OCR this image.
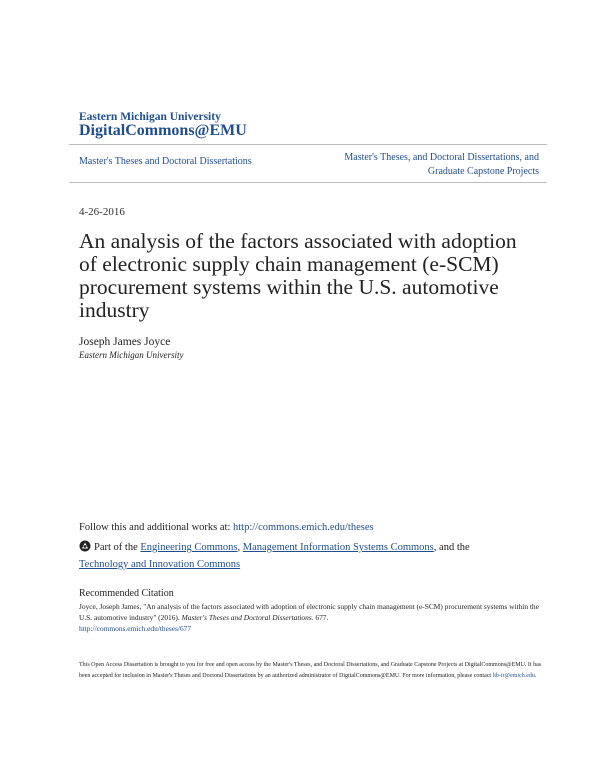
Eastern Michigan University
DigitalCommons@EMU
Master's Theses and Doctoral Dissertations	Master's Theses, and Doctoral Dissertations, and
Graduate Capstone Projects
4-26-2016
An analysis of the factors associated with adoption of electronic supply chain management (e-SCM) procurement systems within the U.S. automotive industry
Joseph James Joyce
Eastern Michigan University
Follow this and additional works at: http://commons.emich.edu/theses
Part of the Engineering Commons, Management Information Systems Commons, and the
Technology and Innovation Commons
Recommended Citation
Joyce, Joseph James, "An analysis of the factors associated with adoption of electronic supply chain management (e-SCM) procurement systems within the U.S. automotive industry" (2016). Master's Theses and Doctoral Dissertations. 677.
http://commons.emich.edu/theses/677
This Open Access Dissertation is brought to you for free and open access by the Master's Theses, and Doctoral Dissertations, and Graduate Capstone Projects at DigitalCommons@EMU. It has been accepted for inclusion in Master's Theses and Doctoral Dissertations by an authorized administrator of DigitalCommons@EMU. For more information, please contact lib-ir@emich.edu.
